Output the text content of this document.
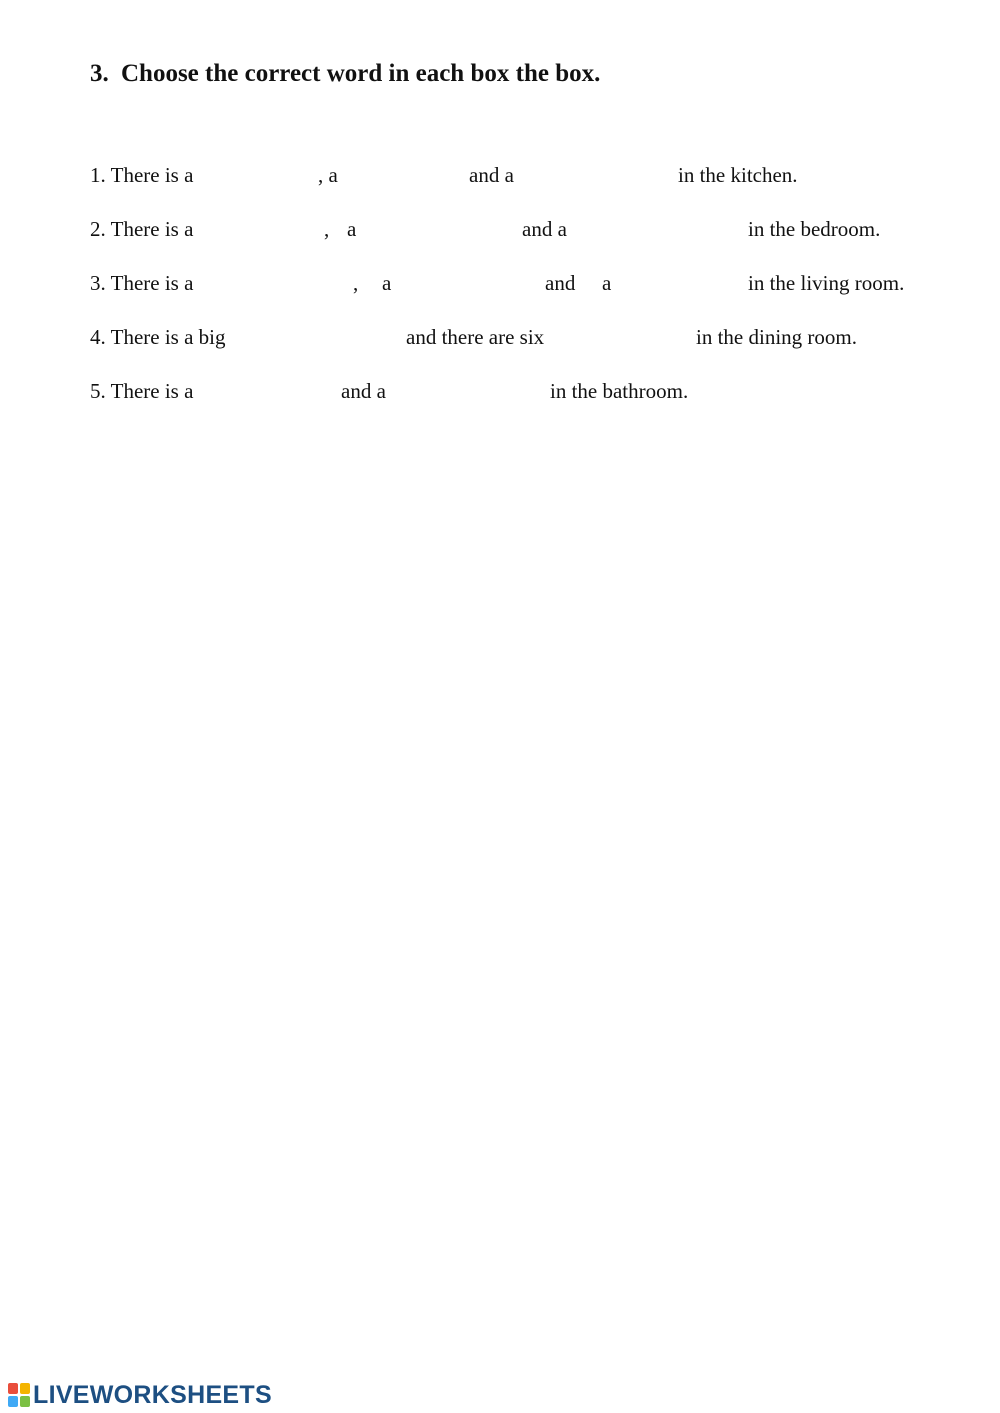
3. Choose the correct word in each box the box.
1. There is a	, a	and a	in the kitchen.
2. There is a	, a	and a	in the bedroom.
3. There is a	, a	and a	in the living room.
4. There is a big	and there are six	in the dining room.
5. There is a	and a	in the bathroom.
LIVEWORKSHEETS
